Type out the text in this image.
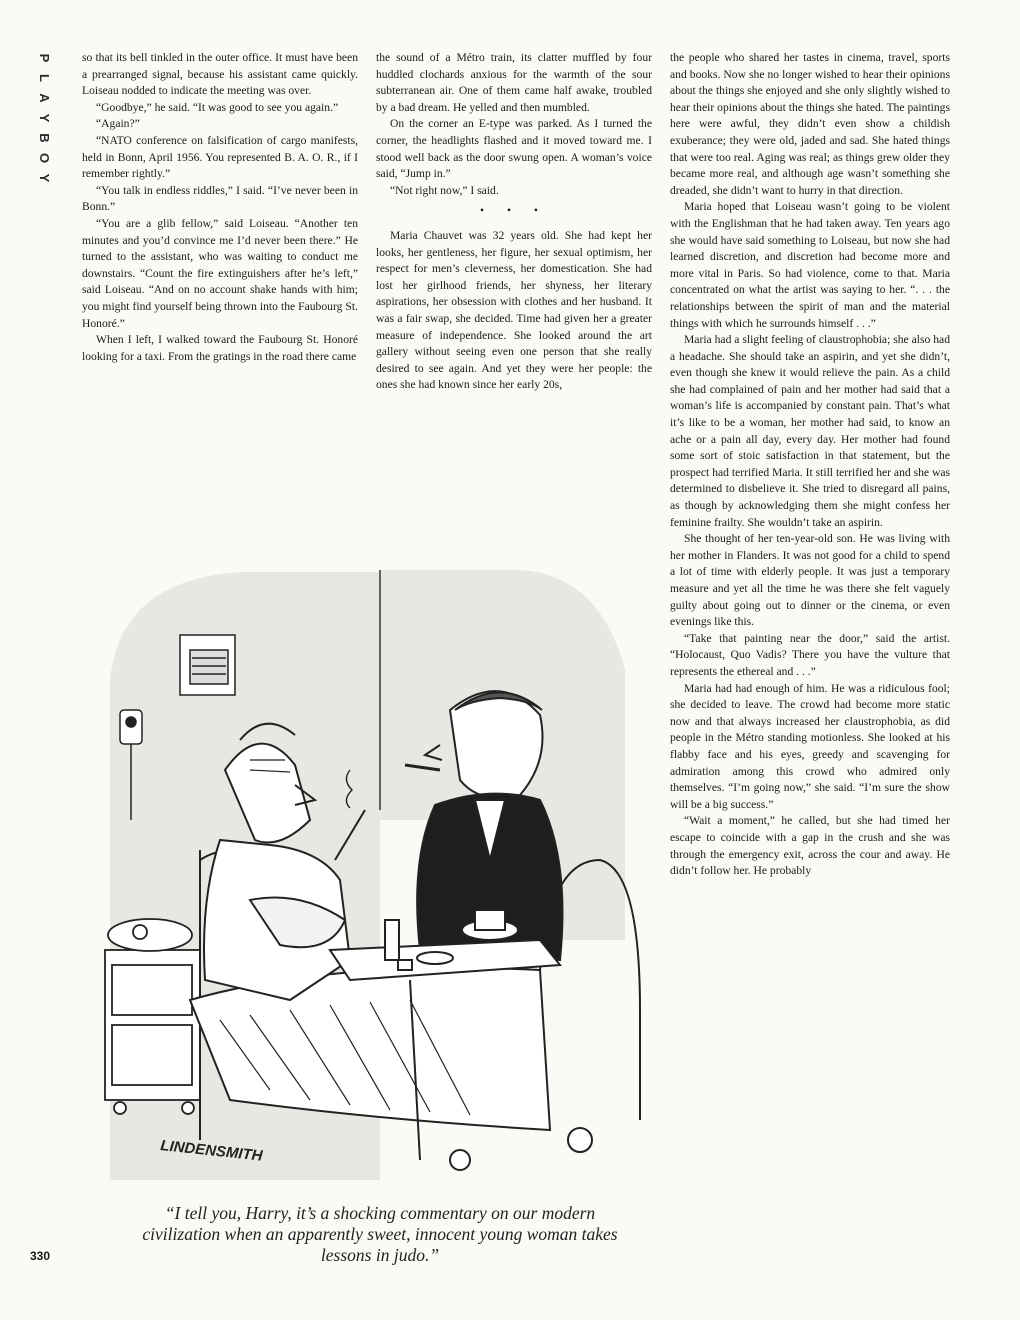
P
L
A
Y
B
O
Y

so that its bell tinkled in the outer office. It must have been a prearranged signal, because his assistant came quickly. Loiseau nodded to indicate the meeting was over.

“Goodbye,” he said. “It was good to see you again.”

“Again?”

“NATO conference on falsification of cargo manifests, held in Bonn, April 1956. You represented B. A. O. R., if I remember rightly.”

“You talk in endless riddles,” I said. “I’ve never been in Bonn.”

“You are a glib fellow,” said Loiseau. “Another ten minutes and you’d convince me I’d never been there.” He turned to the assistant, who was waiting to conduct me downstairs. “Count the fire extinguishers after he’s left,” said Loiseau. “And on no account shake hands with him; you might find yourself being thrown into the Faubourg St. Honoré.”

When I left, I walked toward the Faubourg St. Honoré looking for a taxi. From the gratings in the road there came

the sound of a Métro train, its clatter muffled by four huddled clochards anxious for the warmth of the sour subterranean air. One of them came half awake, troubled by a bad dream. He yelled and then mumbled.

On the corner an E-type was parked. As I turned the corner, the headlights flashed and it moved toward me. I stood well back as the door swung open. A woman’s voice said, “Jump in.”

“Not right now,” I said.

• • •

Maria Chauvet was 32 years old. She had kept her looks, her gentleness, her figure, her sexual optimism, her respect for men’s cleverness, her domestication. She had lost her girlhood friends, her shyness, her literary aspirations, her obsession with clothes and her husband. It was a fair swap, she decided. Time had given her a greater measure of independence. She looked around the art gallery without seeing even one person that she really desired to see again. And yet they were her people: the ones she had known since her early 20s,

the people who shared her tastes in cinema, travel, sports and books. Now she no longer wished to hear their opinions about the things she enjoyed and she only slightly wished to hear their opinions about the things she hated. The paintings here were awful, they didn’t even show a childish exuberance; they were old, jaded and sad. She hated things that were too real. Aging was real; as things grew older they became more real, and although age wasn’t something she dreaded, she didn’t want to hurry in that direction.

Maria hoped that Loiseau wasn’t going to be violent with the Englishman that he had taken away. Ten years ago she would have said something to Loiseau, but now she had learned discretion, and discretion had become more and more vital in Paris. So had violence, come to that. Maria concentrated on what the artist was saying to her. “. . . the relationships between the spirit of man and the material things with which he surrounds himself . . .”

Maria had a slight feeling of claustrophobia; she also had a headache. She should take an aspirin, and yet she didn’t, even though she knew it would relieve the pain. As a child she had complained of pain and her mother had said that a woman’s life is accompanied by constant pain. That’s what it’s like to be a woman, her mother had said, to know an ache or a pain all day, every day. Her mother had found some sort of stoic satisfaction in that statement, but the prospect had terrified Maria. It still terrified her and she was determined to disbelieve it. She tried to disregard all pains, as though by acknowledging them she might confess her feminine frailty. She wouldn’t take an aspirin.

She thought of her ten-year-old son. He was living with her mother in Flanders. It was not good for a child to spend a lot of time with elderly people. It was just a temporary measure and yet all the time he was there she felt vaguely guilty about going out to dinner or the cinema, or even evenings like this.

“Take that painting near the door,” said the artist. “Holocaust, Quo Vadis? There you have the vulture that represents the ethereal and . . .”

Maria had had enough of him. He was a ridiculous fool; she decided to leave. The crowd had become more static now and that always increased her claustrophobia, as did people in the Métro standing motionless. She looked at his flabby face and his eyes, greedy and scavenging for admiration among this crowd who admired only themselves. “I’m going now,” she said. “I’m sure the show will be a big success.”

“Wait a moment,” he called, but she had timed her escape to coincide with a gap in the crush and she was through the emergency exit, across the cour and away. He didn’t follow her. He probably

LINDENSMITH
“I tell you, Harry, it’s a shocking commentary on our modern civilization when an apparently sweet, innocent young woman takes lessons in judo.”
330
